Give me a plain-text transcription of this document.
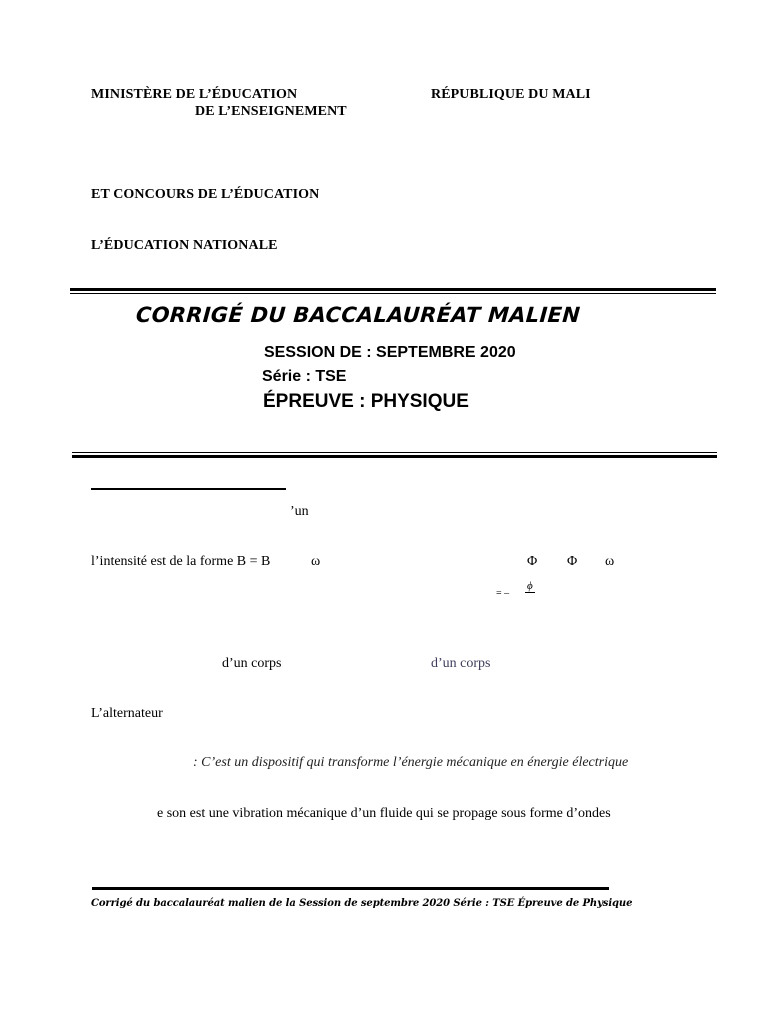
MINISTÈRE DE L’ÉDUCATION
DE L’ENSEIGNEMENT
RÉPUBLIQUE DU MALI
ET CONCOURS DE L’ÉDUCATION
L’ÉDUCATION NATIONALE
CORRIGÉ DU BACCALAURÉAT MALIEN
SESSION DE : SEPTEMBRE 2020
Série : TSE
ÉPREUVE : PHYSIQUE
’un
l’intensité est de la forme B = B	ω	Φ Φ ω
= –
ϕ
d’un corps	d’un corps
L’alternateur
: C’est un dispositif qui transforme l’énergie mécanique en énergie électrique
e son est une vibration mécanique d’un fluide qui se propage sous forme d’ondes
Corrigé du baccalauréat malien de la Session de septembre 2020 Série : TSE Épreuve de Physique
